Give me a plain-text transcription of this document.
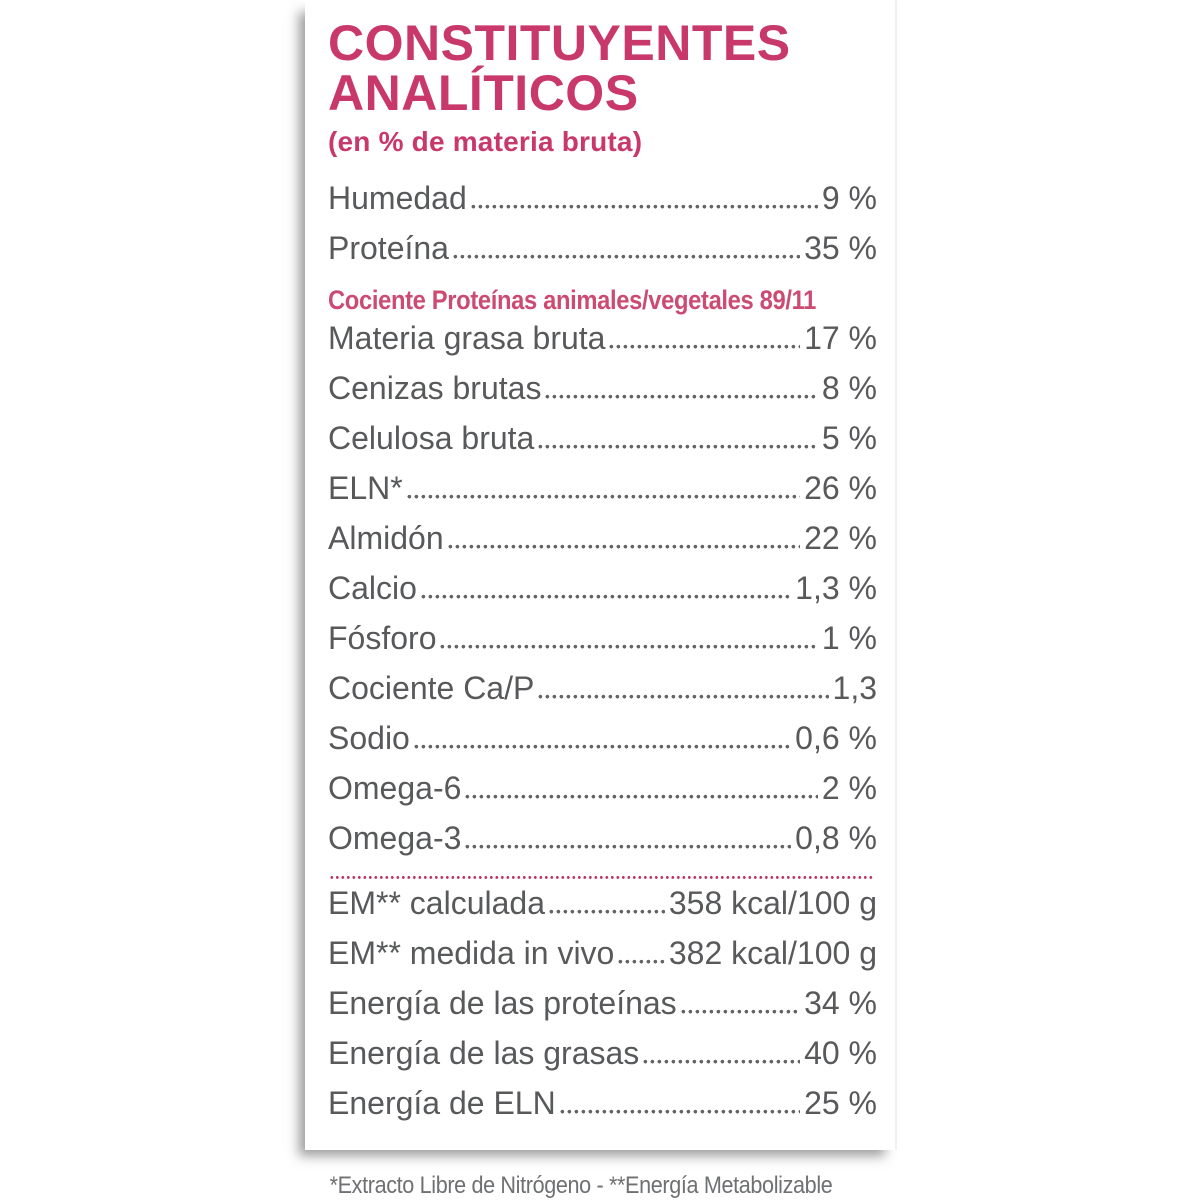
CONSTITUYENTES
ANALÍTICOS
(en % de materia bruta)
Humedad	9 %
Proteína	35 %
Cociente Proteínas animales/vegetales 89/11
Materia grasa bruta	17 %
Cenizas brutas	8 %
Celulosa bruta	5 %
ELN*	26 %
Almidón	22 %
Calcio	1,3 %
Fósforo	1 %
Cociente Ca/P	1,3
Sodio	0,6 %
Omega-6	2 %
Omega-3	0,8 %
EM** calculada	358 kcal/100 g
EM** medida in vivo 382 kcal/100 g
Energía de las proteínas	34 %
Energía de las grasas	40 %
Energía de ELN	25 %
*Extracto Libre de Nitrógeno - **Energía Metabolizable
